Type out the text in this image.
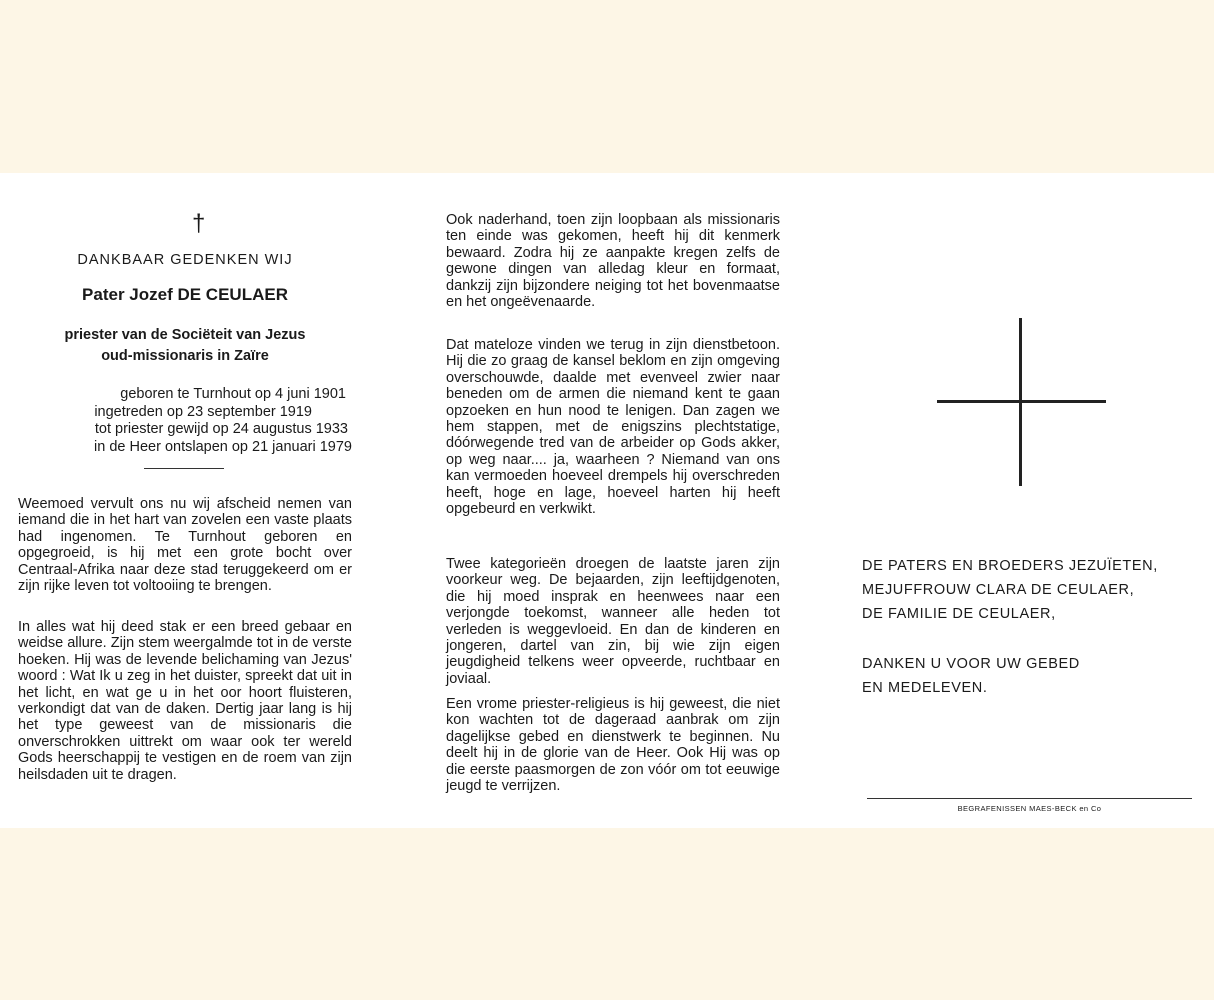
†
DANKBAAR GEDENKEN WIJ
Pater Jozef DE CEULAER
priester van de Sociëteit van Jezus
oud-missionaris in Zaïre
geboren te Turnhout op 4 juni 1901
ingetreden op 23 september 1919
tot priester gewijd op 24 augustus 1933
in de Heer ontslapen op 21 januari 1979

Weemoed vervult ons nu wij afscheid nemen van iemand die in het hart van zovelen een vaste plaats had ingenomen. Te Turnhout geboren en opgegroeid, is hij met een grote bocht over Centraal-Afrika naar deze stad teruggekeerd om er zijn rijke leven tot voltooiing te brengen.

In alles wat hij deed stak er een breed gebaar en weidse allure. Zijn stem weergalmde tot in de verste hoeken. Hij was de levende belichaming van Jezus' woord : Wat Ik u zeg in het duister, spreekt dat uit in het licht, en wat ge u in het oor hoort fluisteren, verkondigt dat van de daken. Dertig jaar lang is hij het type geweest van de missionaris die onverschrokken uittrekt om waar ook ter wereld Gods heerschappij te vestigen en de roem van zijn heilsdaden uit te dragen.

Ook naderhand, toen zijn loopbaan als missionaris ten einde was gekomen, heeft hij dit kenmerk bewaard. Zodra hij ze aanpakte kregen zelfs de gewone dingen van alledag kleur en formaat, dankzij zijn bijzondere neiging tot het bovenmaatse en het ongeëvenaarde.

Dat mateloze vinden we terug in zijn dienstbetoon. Hij die zo graag de kansel beklom en zijn omgeving overschouwde, daalde met evenveel zwier naar beneden om de armen die niemand kent te gaan opzoeken en hun nood te lenigen. Dan zagen we hem stappen, met de enigszins plechtstatige, dóórwegende tred van de arbeider op Gods akker, op weg naar.... ja, waarheen ? Niemand van ons kan vermoeden hoeveel drempels hij overschreden heeft, hoge en lage, hoeveel harten hij heeft opgebeurd en verkwikt.

Twee kategorieën droegen de laatste jaren zijn voorkeur weg. De bejaarden, zijn leeftijdgenoten, die hij moed insprak en heenwees naar een verjongde toekomst, wanneer alle heden tot verleden is weggevloeid. En dan de kinderen en jongeren, dartel van zin, bij wie zijn eigen jeugdigheid telkens weer opveerde, ruchtbaar en joviaal.

Een vrome priester-religieus is hij geweest, die niet kon wachten tot de dageraad aanbrak om zijn dagelijkse gebed en dienstwerk te beginnen. Nu deelt hij in de glorie van de Heer. Ook Hij was op die eerste paasmorgen de zon vóór om tot eeuwige jeugd te verrijzen.

DE PATERS EN BROEDERS JEZUÏETEN,
MEJUFFROUW CLARA DE CEULAER,
DE FAMILIE DE CEULAER,
DANKEN U VOOR UW GEBED
EN MEDELEVEN.
BEGRAFENISSEN MAES-BECK en Co
